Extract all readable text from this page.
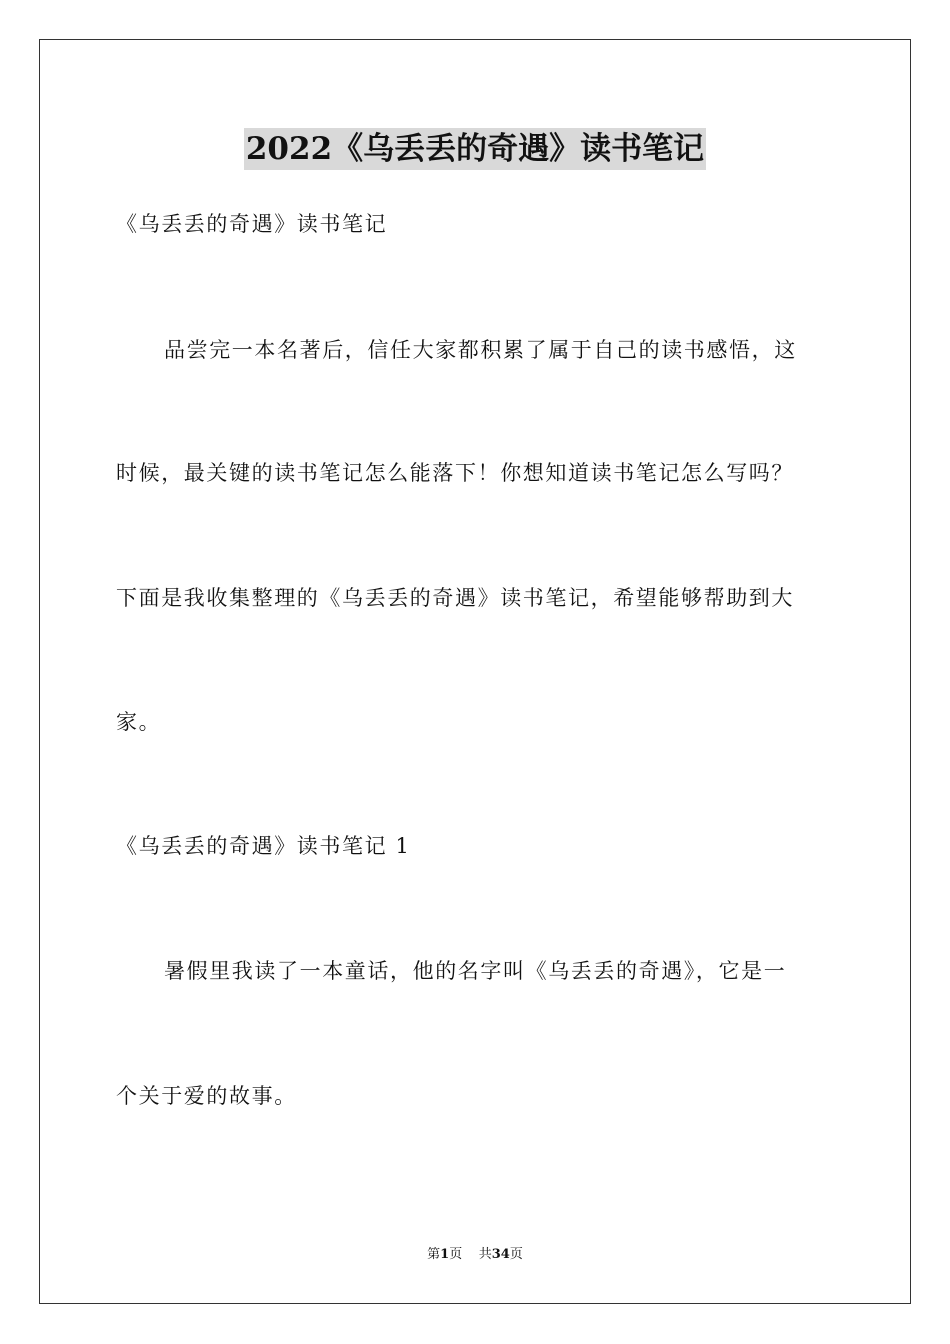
2022《乌丢丢的奇遇》读书笔记
《乌丢丢的奇遇》读书笔记
品尝完一本名著后，信任大家都积累了属于自己的读书感悟，这
时候，最关键的读书笔记怎么能落下！你想知道读书笔记怎么写吗？
下面是我收集整理的《乌丢丢的奇遇》读书笔记，希望能够帮助到大
家。
《乌丢丢的奇遇》读书笔记 1
暑假里我读了一本童话，他的名字叫《乌丢丢的奇遇》，它是一
个关于爱的故事。
第1页 共34页
